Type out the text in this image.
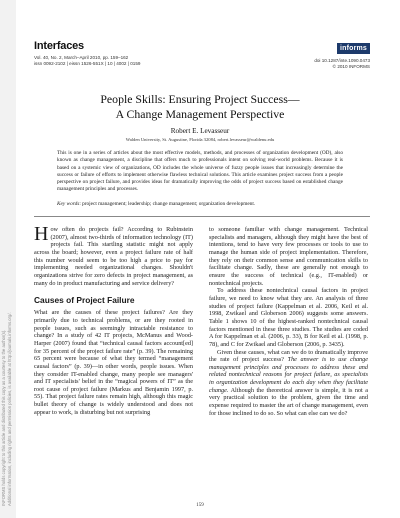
INFORMS holds copyright to this article and distributed this copy as a courtesy to the author(s). Additional information, including rights and permission policies, is available at http://journals.informs.org/.
Interfaces
Vol. 40, No. 2, March–April 2010, pp. 159–162
issn 0092-2102 | eissn 1526-551X | 10 | 4002 | 0159
informs
doi 10.1287/inte.1090.0473
© 2010 INFORMS
People Skills: Ensuring Project Success—
A Change Management Perspective
Robert E. Levasseur
Walden University, St. Augustine, Florida 32084, robert.levasseur@waldenu.edu
This is one in a series of articles about the most effective models, methods, and processes of organization development (OD), also known as change management, a discipline that offers much to professionals intent on solving real-world problems. Because it is based on a systemic view of organizations, OD includes the whole universe of fuzzy people issues that increasingly determine the success or failure of efforts to implement otherwise flawless technical solutions. This article examines project success from a people perspective on project failure, and provides ideas for dramatically improving the odds of project success based on established change management principles and processes.
Key words: project management; leadership; change management; organization development.

How often do projects fail? According to Rubinstein (2007), almost two-thirds of information technology (IT) projects fail. This startling statistic might not apply across the board; however, even a project failure rate of half this number would seem to be too high a price to pay for implementing needed organizational changes. Shouldn't organizations strive for zero defects in project management, as many do in product manufacturing and service delivery?

Causes of Project Failure

What are the causes of these project failures? Are they primarily due to technical problems, or are they rooted in people issues, such as seemingly intractable resistance to change? In a study of 42 IT projects, McManus and Wood-Harper (2007) found that “technical causal factors account[ed] for 35 percent of the project failure rate” (p. 39). The remaining 65 percent were because of what they termed “management causal factors” (p. 39)—in other words, people issues. When they consider IT-enabled change, many people see managers' and IT specialists' belief in the “magical powers of IT” as the root cause of project failure (Markus and Benjamin 1997, p. 55). That project failure rates remain high, although this magic bullet theory of change is widely understood and does not appear to work, is disturbing but not surprising

to someone familiar with change management. Technical specialists and managers, although they might have the best of intentions, tend to have very few processes or tools to use to manage the human side of project implementation. Therefore, they rely on their common sense and communication skills to facilitate change. Sadly, these are generally not enough to ensure the success of technical (e.g., IT-enabled) or nontechnical projects.

To address these nontechnical causal factors in project failure, we need to know what they are. An analysis of three studies of project failure (Kappelman et al. 2006, Keil et al. 1998, Zwikael and Globerson 2006) suggests some answers. Table 1 shows 10 of the highest-ranked nontechnical causal factors mentioned in these three studies. The studies are coded A for Kappelman et al. (2006, p. 33), B for Keil et al. (1998, p. 78), and C for Zwikael and Globerson (2006, p. 3435).

Given these causes, what can we do to dramatically improve the rate of project success? The answer is to use change management principles and processes to address these and related nontechnical reasons for project failure, as specialists in organization development do each day when they facilitate change. Although the theoretical answer is simple, it is not a very practical solution to the problem, given the time and expense required to master the art of change management, even for those inclined to do so. So what can else can we do?

159
